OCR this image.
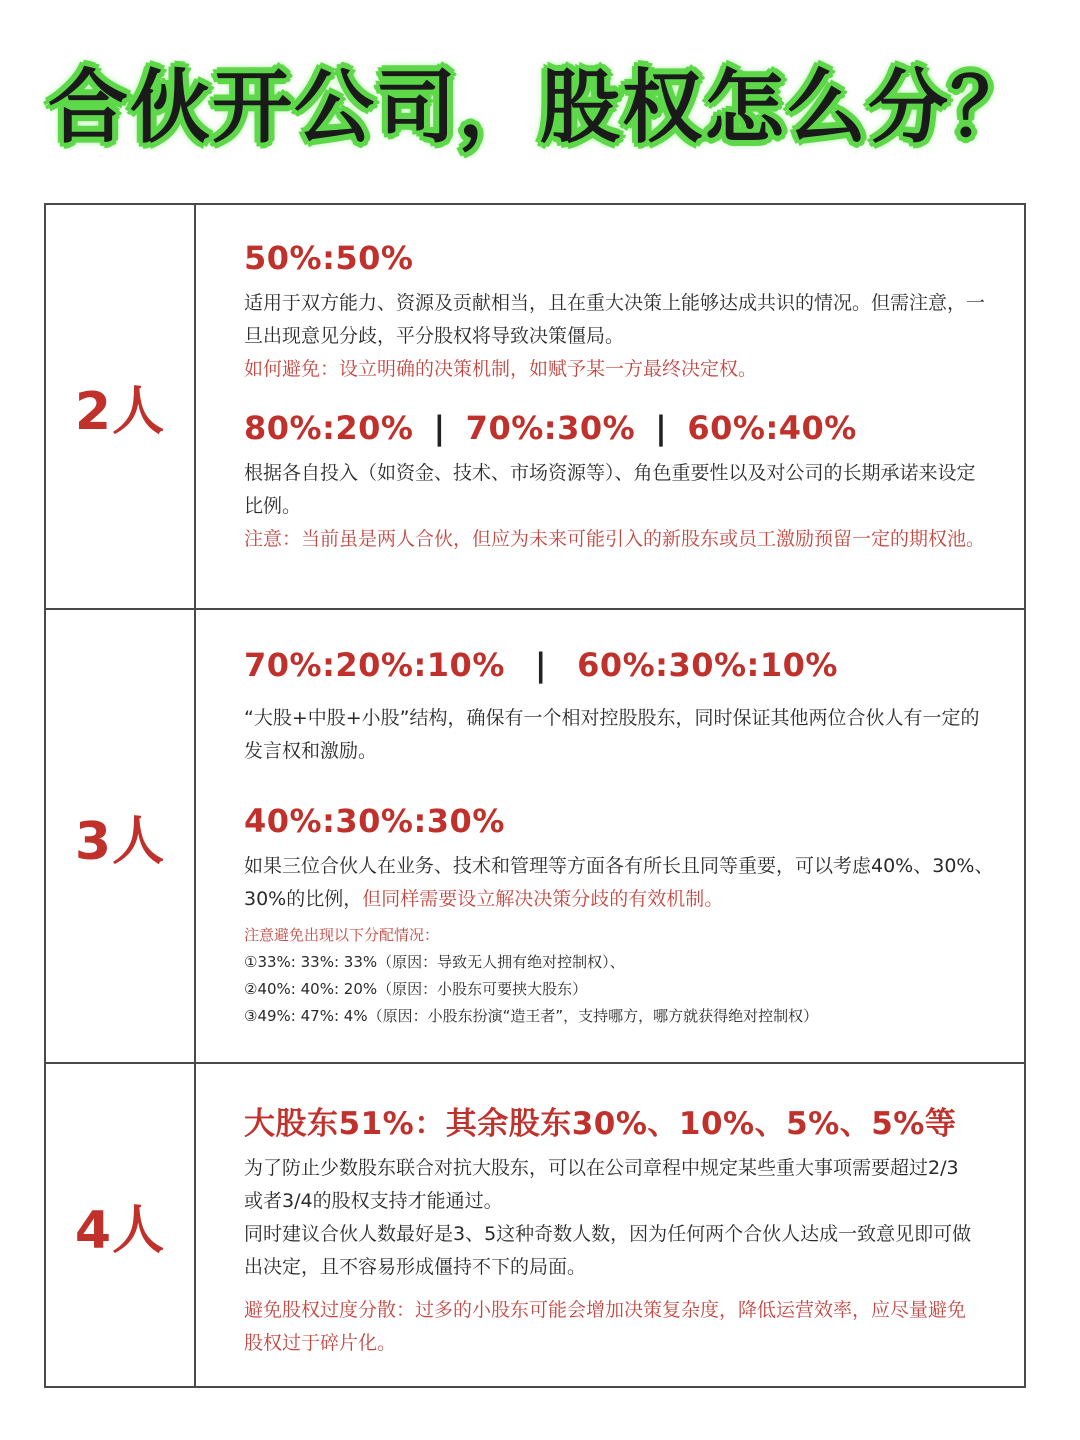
合伙开公司，股权怎么分？
2人
50%:50%
适用于双方能力、资源及贡献相当，且在重大决策上能够达成共识的情况。但需注意，一旦出现意见分歧，平分股权将导致决策僵局。
如何避免：设立明确的决策机制，如赋予某一方最终决定权。
80%:20% | 70%:30% | 60%:40%
根据各自投入（如资金、技术、市场资源等）、角色重要性以及对公司的长期承诺来设定比例。
注意：当前虽是两人合伙，但应为未来可能引入的新股东或员工激励预留一定的期权池。
3人
70%:20%:10% | 60%:30%:10%
“大股+中股+小股”结构，确保有一个相对控股股东，同时保证其他两位合伙人有一定的发言权和激励。
40%:30%:30%
如果三位合伙人在业务、技术和管理等方面各有所长且同等重要，可以考虑40%、30%、30%的比例，但同样需要设立解决决策分歧的有效机制。
注意避免出现以下分配情况：
①33%: 33%: 33%（原因：导致无人拥有绝对控制权）、
②40%: 40%: 20%（原因：小股东可要挟大股东）
③49%: 47%: 4%（原因：小股东扮演“造王者”，支持哪方，哪方就获得绝对控制权）
4人
大股东51%：其余股东30%、10%、5%、5%等
为了防止少数股东联合对抗大股东，可以在公司章程中规定某些重大事项需要超过2/3或者3/4的股权支持才能通过。
同时建议合伙人数最好是3、5这种奇数人数，因为任何两个合伙人达成一致意见即可做出决定，且不容易形成僵持不下的局面。
避免股权过度分散：过多的小股东可能会增加决策复杂度，降低运营效率，应尽量避免股权过于碎片化。
